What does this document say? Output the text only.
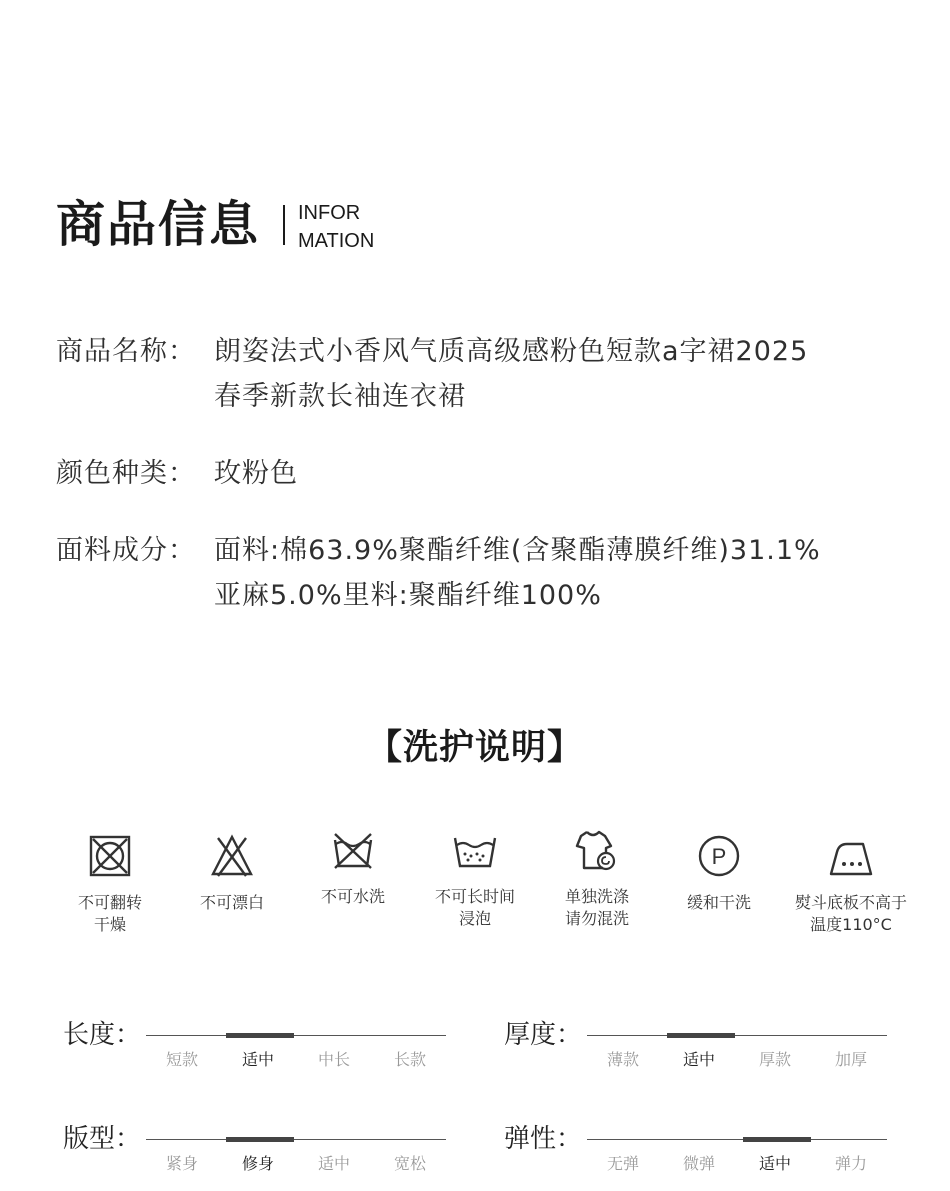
商品信息 INFOR
MATION
商品名称： 朗姿法式小香风气质高级感粉色短款a字裙2025
春季新款长袖连衣裙
颜色种类： 玫粉色
面料成分： 面料:棉63.9%聚酯纤维(含聚酯薄膜纤维)31.1%
亚麻5.0%里料:聚酯纤维100%
【洗护说明】
不可翻转
干燥
不可漂白	不可水洗	不可长时间
浸泡
单独洗涤
请勿混洗
P
缓和干洗	熨斗底板不高于
温度110°C
长度：
短款	适中	中长	长款
厚度：
薄款	适中	厚款	加厚
版型：
紧身	修身	适中	宽松
弹性：
无弹	微弹	适中	弹力
